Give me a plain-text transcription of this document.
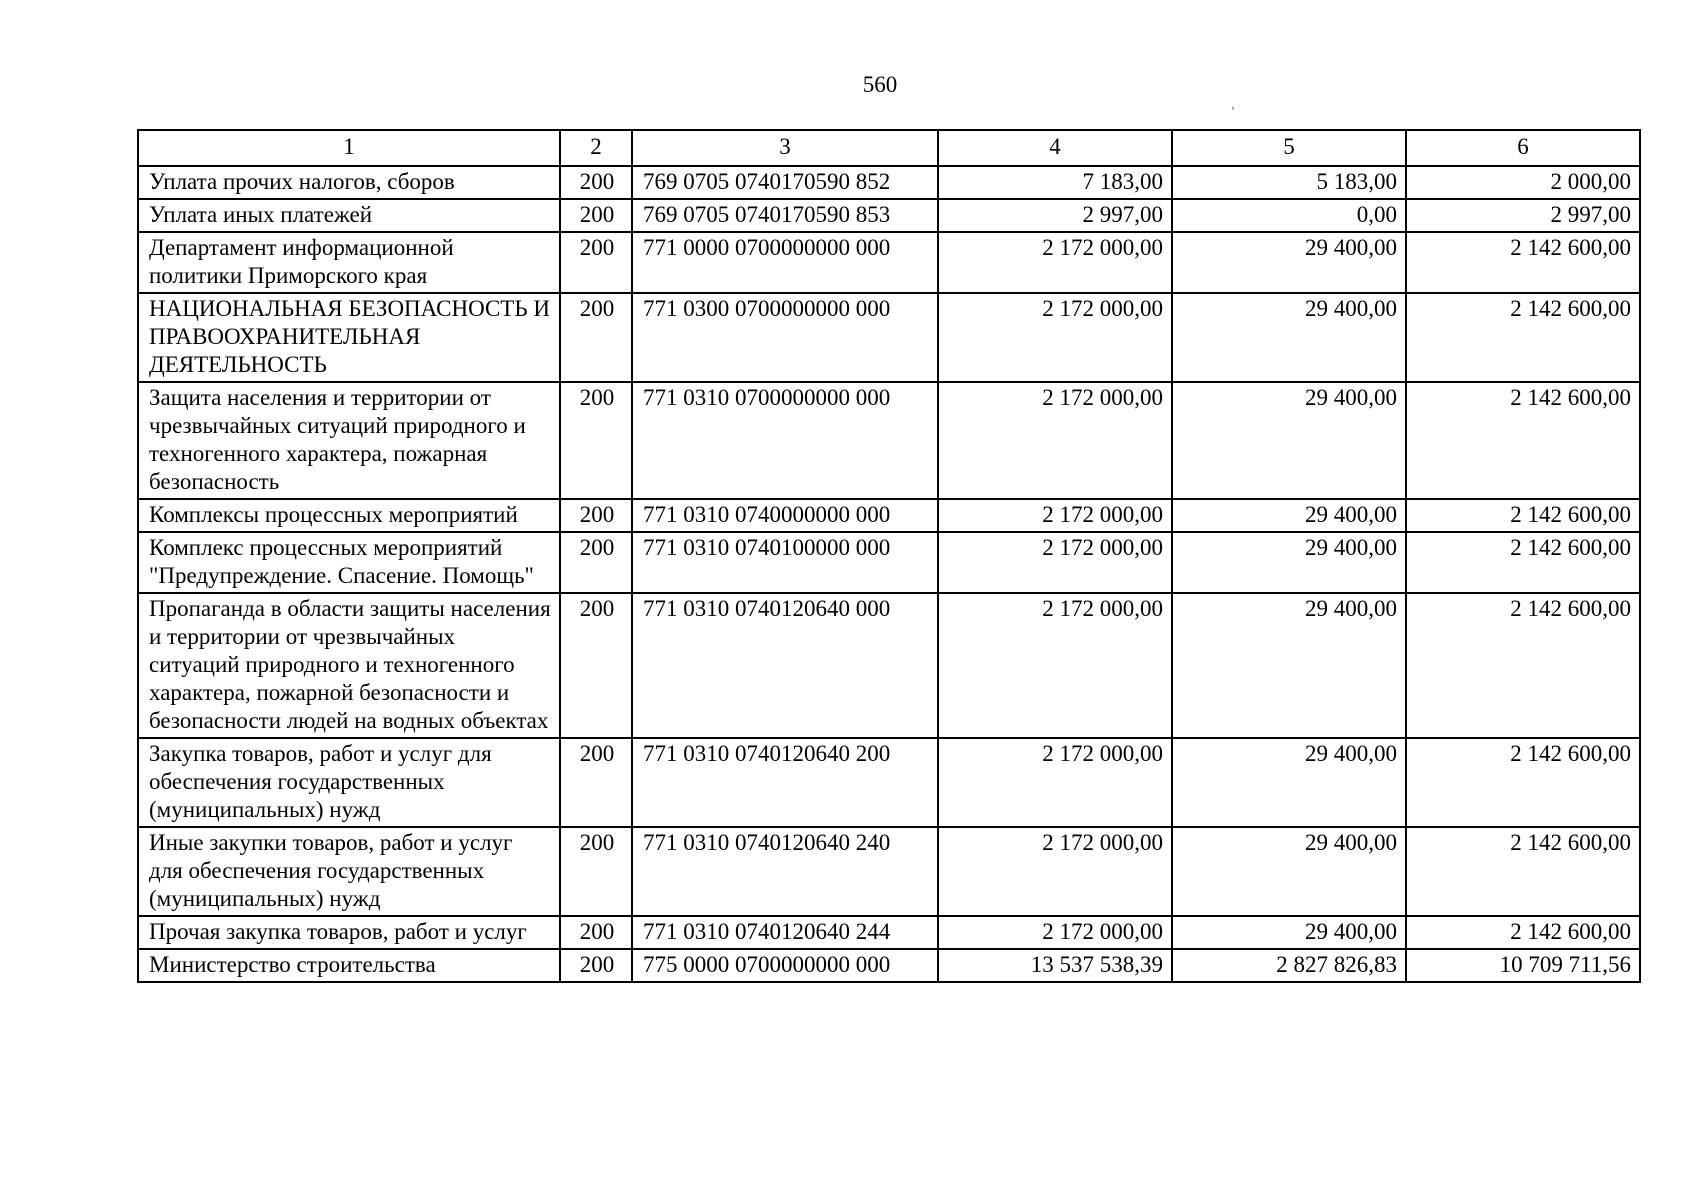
560
ʼ
1	2	3	4	5	6
Уплата прочих налогов, сборов	200	769 0705 0740170590 852	7 183,00	5 183,00	2 000,00
Уплата иных платежей	200	769 0705 0740170590 853	2 997,00	0,00	2 997,00
Департамент информационной политики Приморского края	200	771 0000 0700000000 000	2 172 000,00	29 400,00	2 142 600,00
НАЦИОНАЛЬНАЯ БЕЗОПАСНОСТЬ И ПРАВООХРАНИТЕЛЬНАЯ ДЕЯТЕЛЬНОСТЬ	200	771 0300 0700000000 000	2 172 000,00	29 400,00	2 142 600,00
Защита населения и территории от чрезвычайных ситуаций природного и техногенного характера, пожарная безопасность	200	771 0310 0700000000 000	2 172 000,00	29 400,00	2 142 600,00
Комплексы процессных мероприятий	200	771 0310 0740000000 000	2 172 000,00	29 400,00	2 142 600,00
Комплекс процессных мероприятий "Предупреждение. Спасение. Помощь"	200	771 0310 0740100000 000	2 172 000,00	29 400,00	2 142 600,00
Пропаганда в области защиты населения и территории от чрезвычайных ситуаций природного и техногенного характера, пожарной безопасности и безопасности людей на водных объектах	200	771 0310 0740120640 000	2 172 000,00	29 400,00	2 142 600,00
Закупка товаров, работ и услуг для обеспечения государственных (муниципальных) нужд	200	771 0310 0740120640 200	2 172 000,00	29 400,00	2 142 600,00
Иные закупки товаров, работ и услуг для обеспечения государственных (муниципальных) нужд	200	771 0310 0740120640 240	2 172 000,00	29 400,00	2 142 600,00
Прочая закупка товаров, работ и услуг	200	771 0310 0740120640 244	2 172 000,00	29 400,00	2 142 600,00
Министерство строительства	200	775 0000 0700000000 000	13 537 538,39	2 827 826,83	10 709 711,56
